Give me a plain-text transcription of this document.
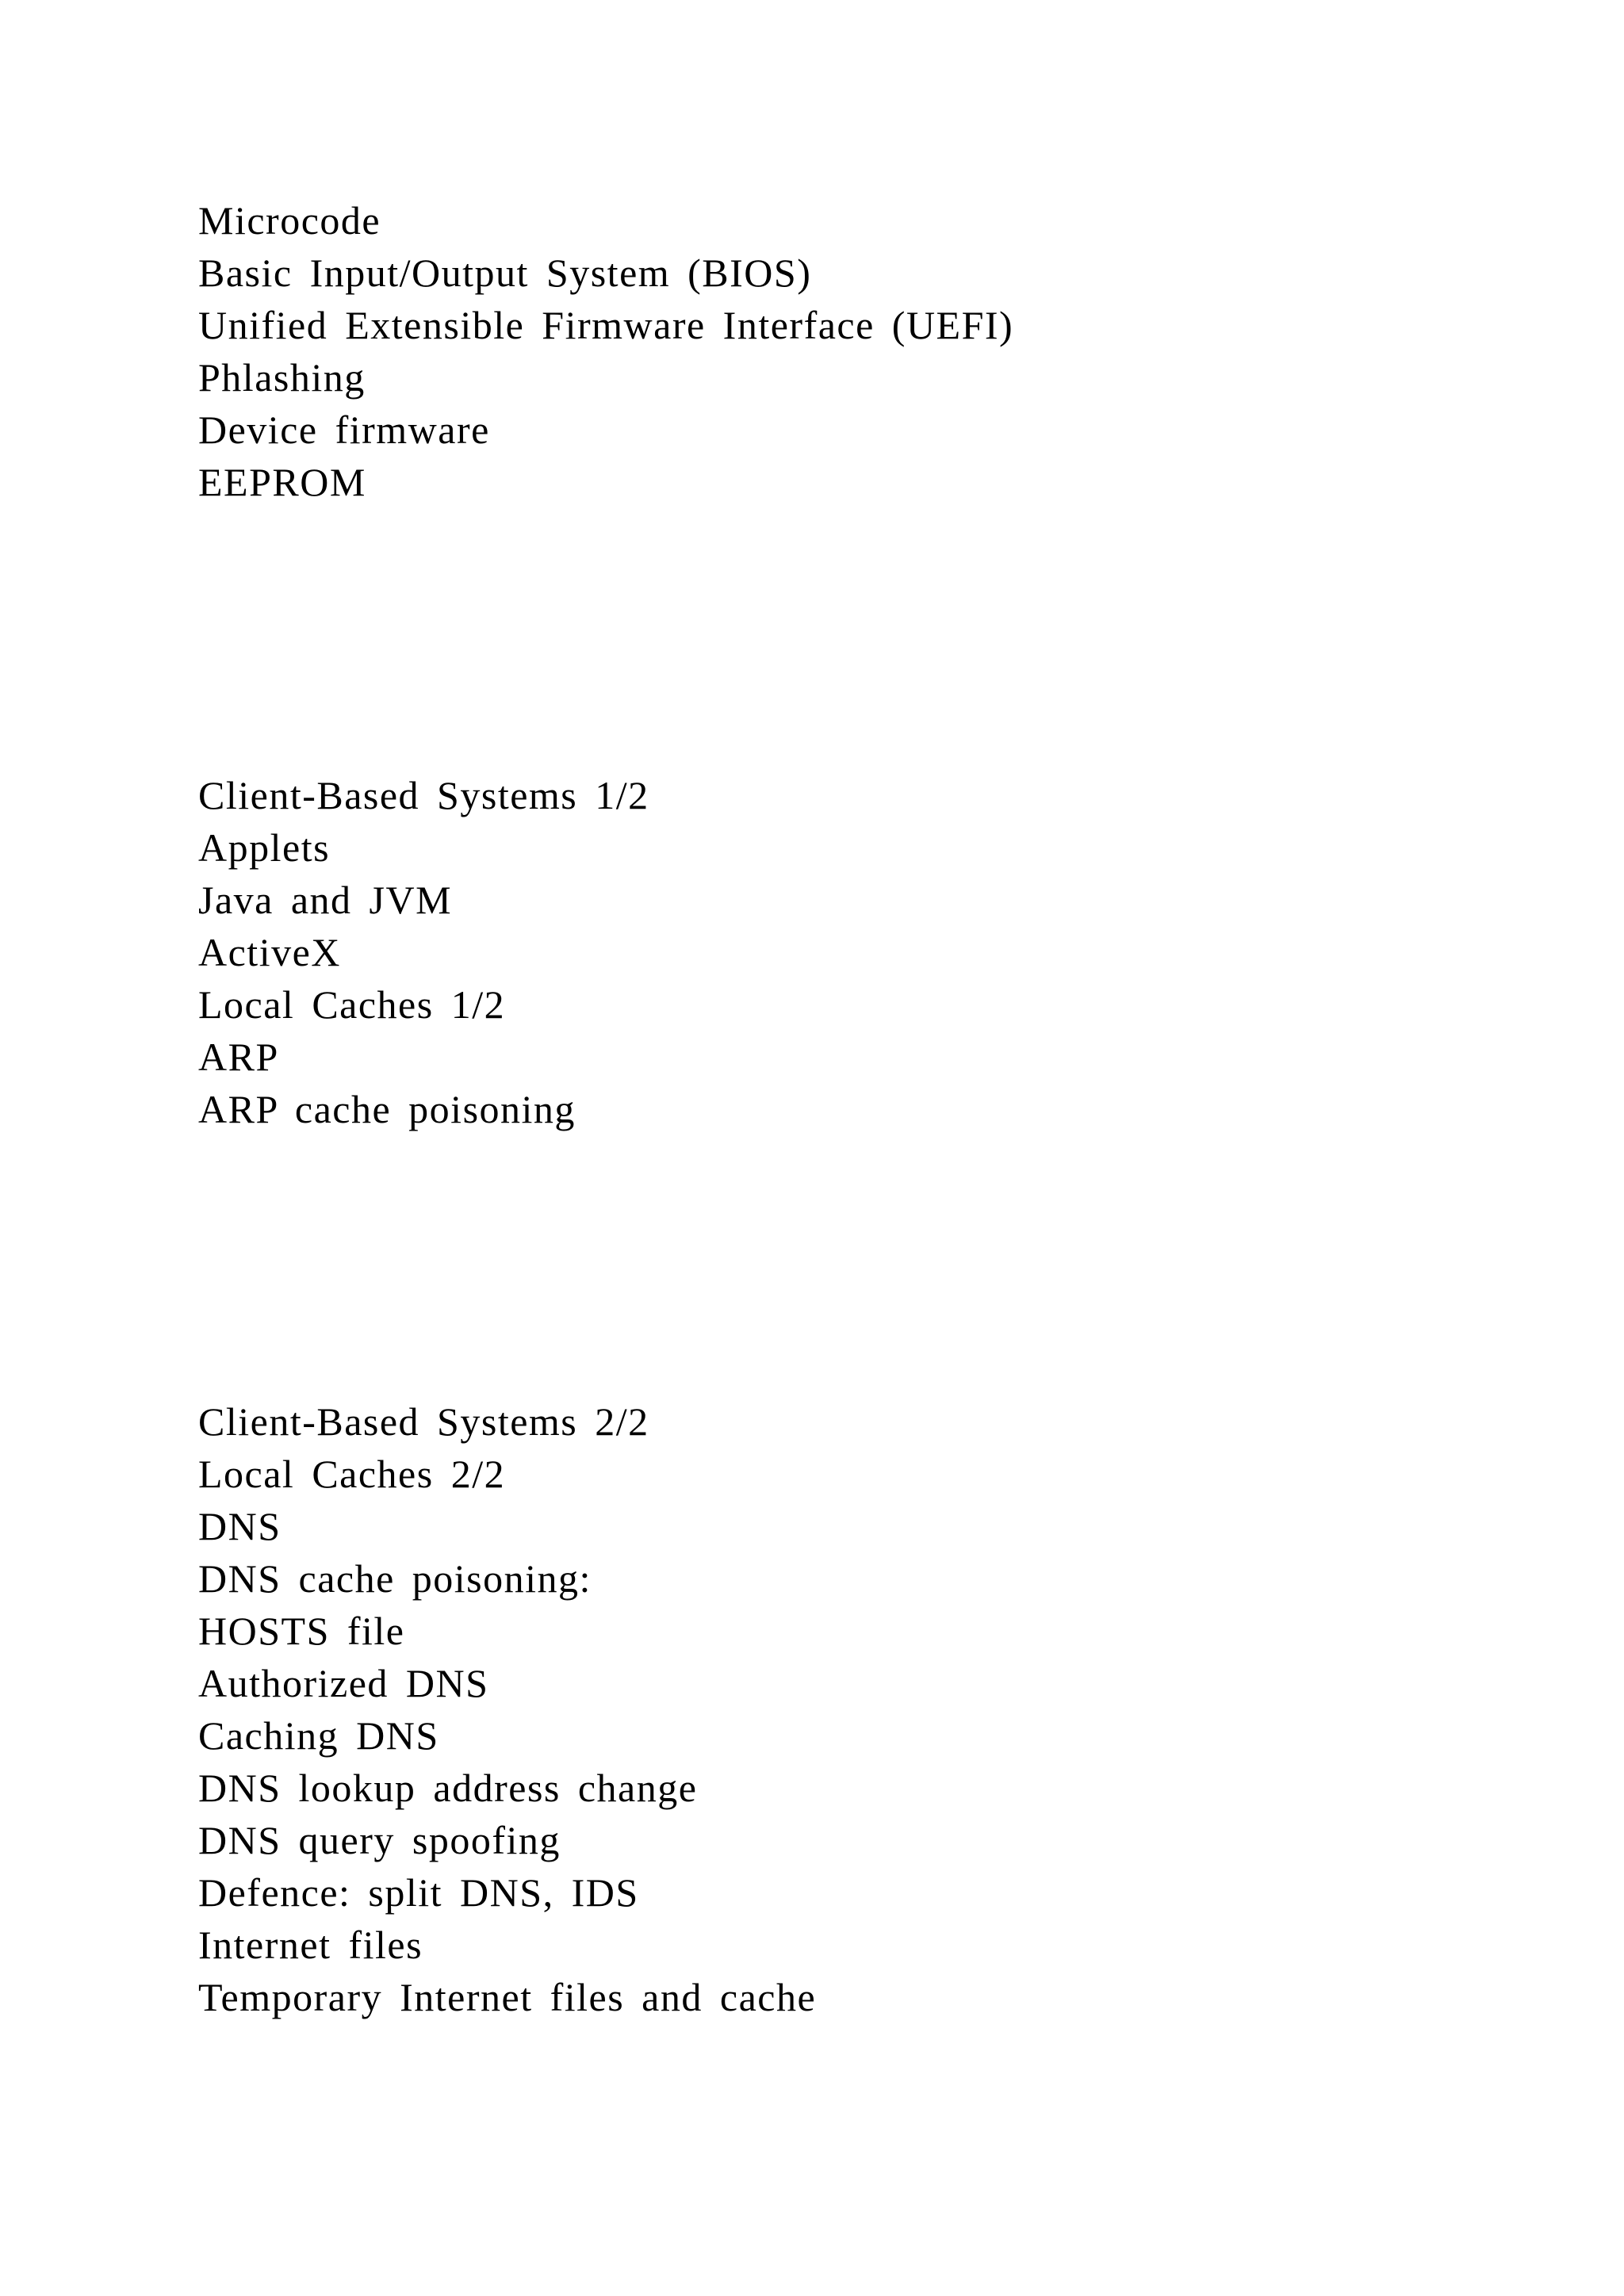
Microcode
Basic Input/Output System (BIOS)
Unified Extensible Firmware Interface (UEFI)
Phlashing
Device firmware
EEPROM
Client-Based Systems 1/2
Applets
Java and JVM
ActiveX
Local Caches 1/2
ARP
ARP cache poisoning
Client-Based Systems 2/2
Local Caches 2/2
DNS
DNS cache poisoning:
HOSTS file
Authorized DNS
Caching DNS
DNS lookup address change
DNS query spoofing
Defence: split DNS, IDS
Internet files
Temporary Internet files and cache
